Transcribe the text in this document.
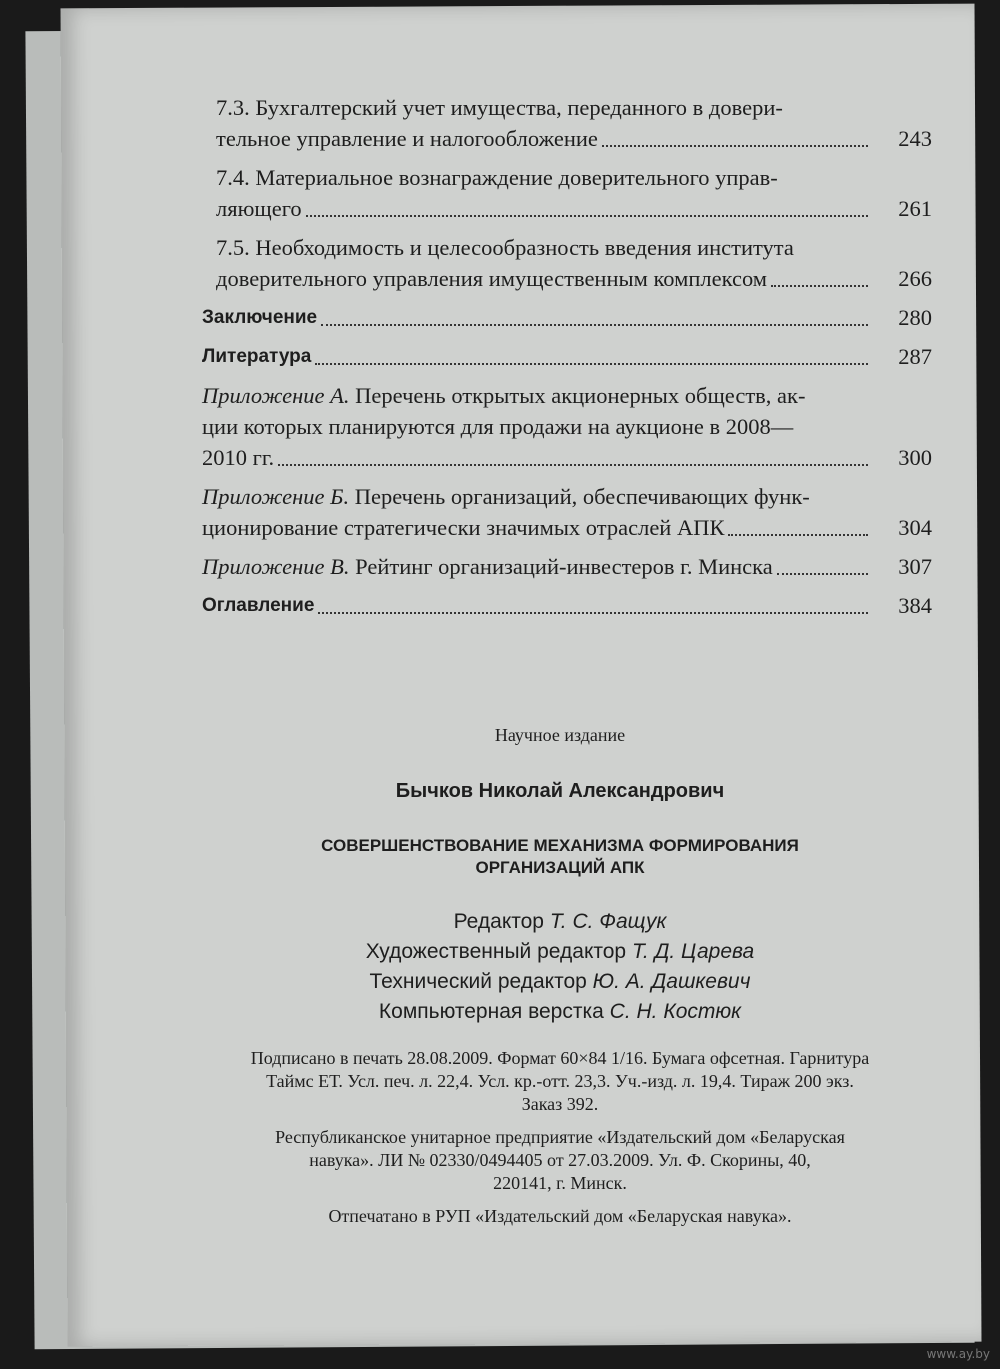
7.3. Бухгалтерский учет имущества, переданного в довери-
тельное управление и налогообложение	243
7.4. Материальное вознаграждение доверительного управ-
ляющего	261
7.5. Необходимость и целесообразность введения института
доверительного управления имущественным комплексом	266
Заключение	280
Литература	287
Приложение А. Перечень открытых акционерных обществ, ак-
ции которых планируются для продажи на аукционе в 2008—
2010 гг.	300
Приложение Б. Перечень организаций, обеспечивающих функ-
ционирование стратегически значимых отраслей АПК	304
Приложение В.
Рейтинг организаций-инвестеров г. Минска	307
Оглавление	384
Научное издание
Бычков Николай Александрович
СОВЕРШЕНСТВОВАНИЕ МЕХАНИЗМА ФОРМИРОВАНИЯ
ОРГАНИЗАЦИЙ АПК
Редактор Т. С. Фащук
Художественный редактор Т. Д. Царева
Технический редактор Ю. А. Дашкевич
Компьютерная верстка С. Н. Костюк
Подписано в печать 28.08.2009. Формат 60×84 1/16. Бумага офсетная. Гарнитура
Таймс ЕТ. Усл. печ. л. 22,4. Усл. кр.-отт. 23,3. Уч.-изд. л. 19,4. Тираж 200 экз.
Заказ 392.
Республиканское унитарное предприятие «Издательский дом «Беларуская
навука». ЛИ № 02330/0494405 от 27.03.2009. Ул. Ф. Скорины, 40,
220141, г. Минск.
Отпечатано в РУП «Издательский дом «Беларуская навука».
www.ay.by
